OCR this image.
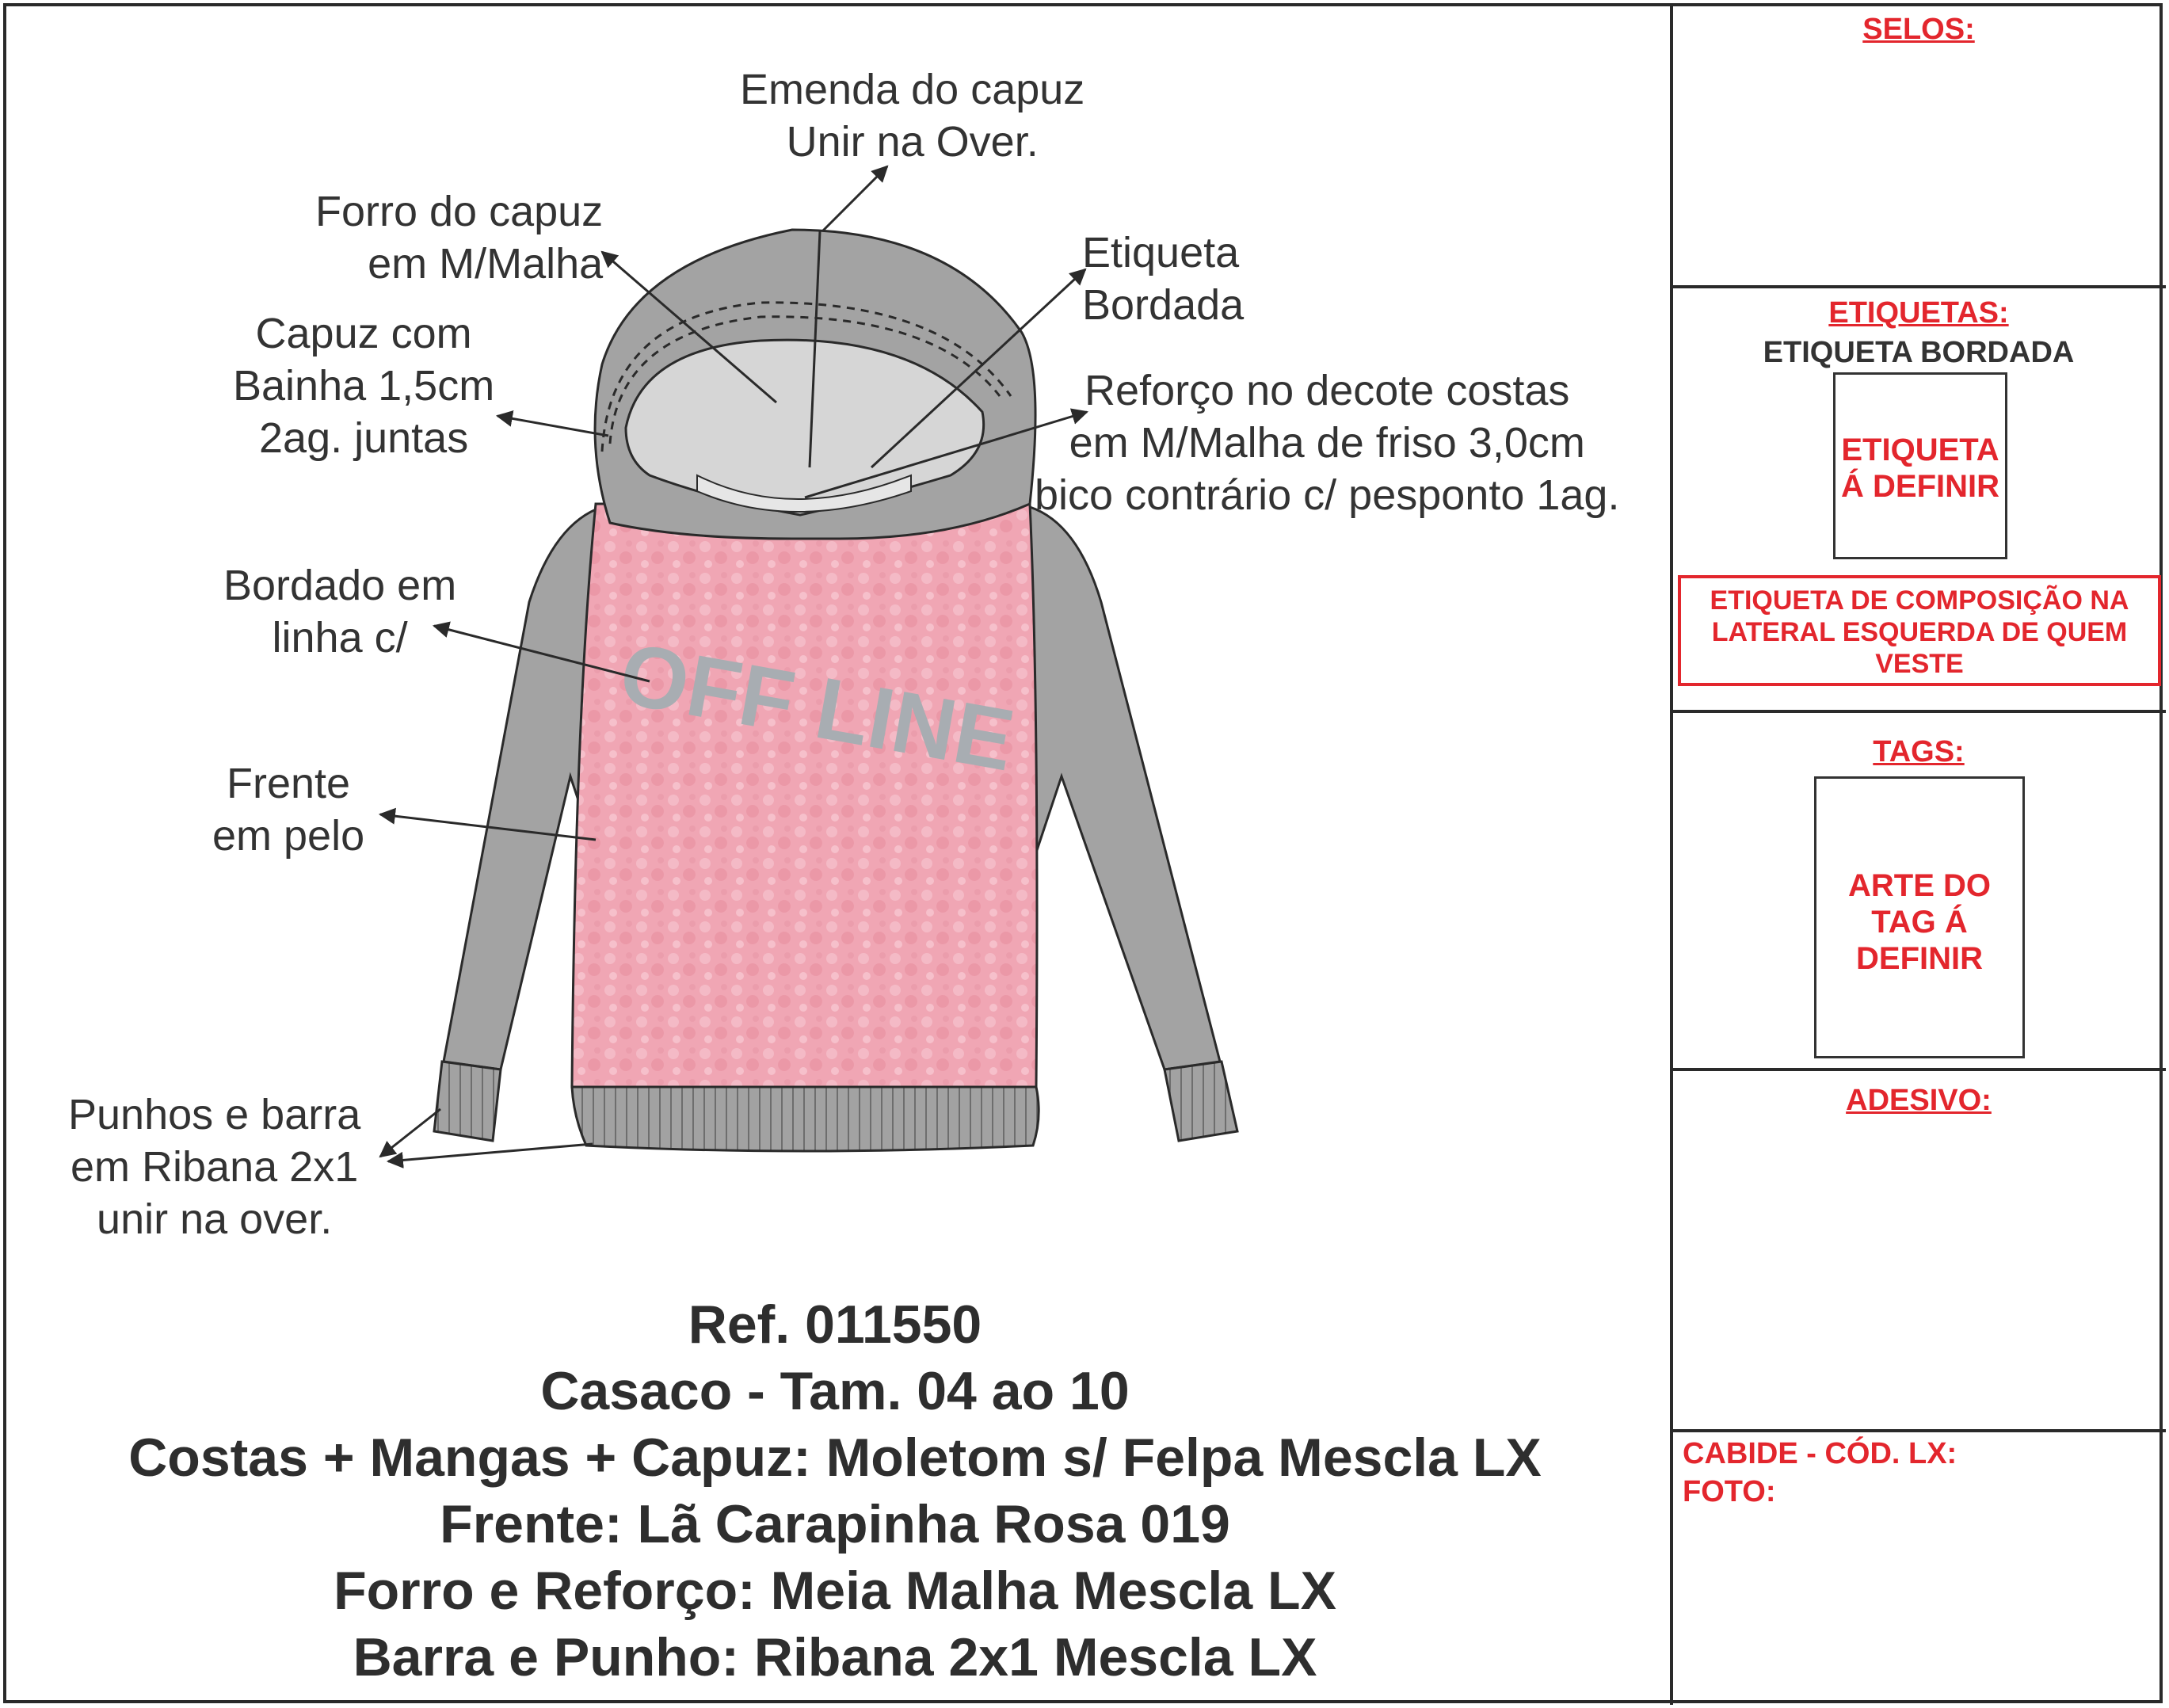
OFF LINE
Emenda do capuz
Unir na Over.
Forro do capuz
em M/Malha	Etiqueta
Bordada
Capuz com
Bainha 1,5cm
2ag. juntas
Reforço no decote costas
em M/Malha de friso 3,0cm
bico contrário c/ pesponto 1ag.
Bordado em
linha c/
Frente
em pelo
Punhos e barra
em Ribana 2x1
unir na over.
Ref. 011550
Casaco - Tam. 04 ao 10
Costas + Mangas + Capuz: Moletom s/ Felpa Mescla LX
Frente: Lã Carapinha Rosa 019
Forro e Reforço: Meia Malha Mescla LX
Barra e Punho: Ribana 2x1 Mescla LX
SELOS:
ETIQUETAS:
ETIQUETA BORDADA
ETIQUETA
Á DEFINIR
ETIQUETA DE COMPOSIÇÃO NA
LATERAL ESQUERDA DE QUEM
VESTE
TAGS:
ARTE DO
TAG Á
DEFINIR
ADESIVO:
CABIDE - CÓD. LX:
FOTO:
